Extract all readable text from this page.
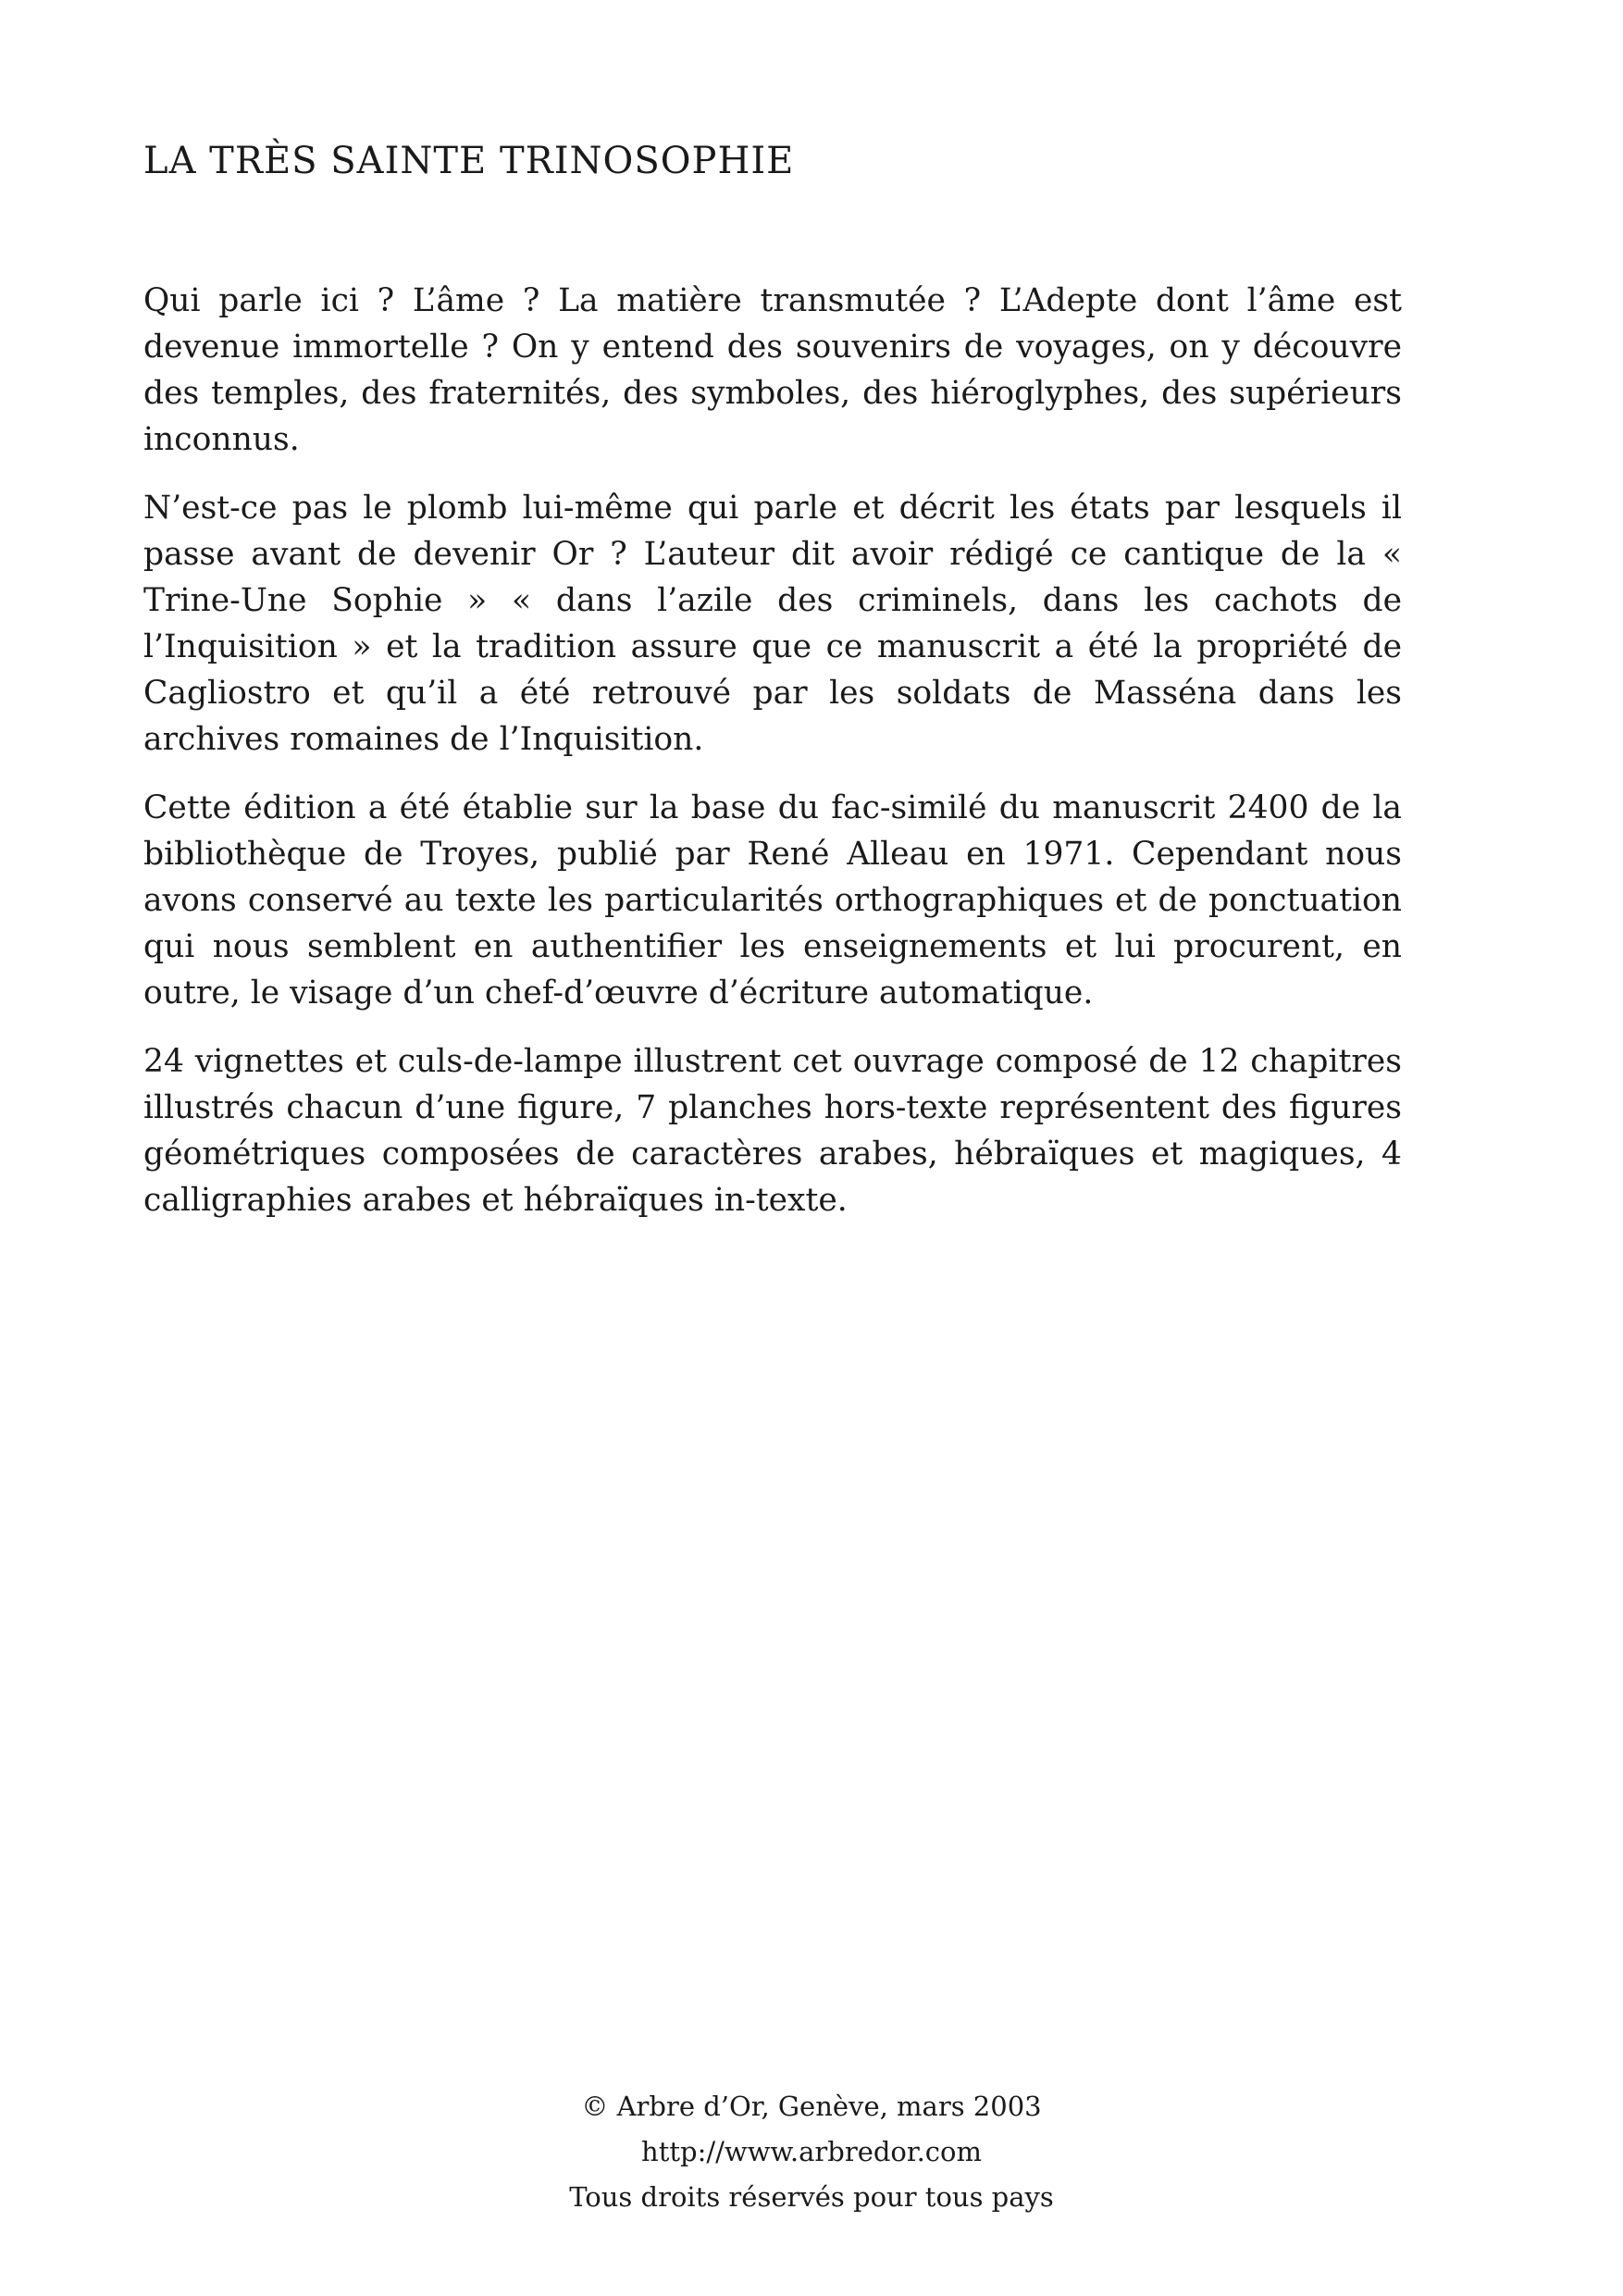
LA TRÈS SAINTE TRINOSOPHIE

Qui parle ici ? L’âme ? La matière transmutée ? L’Adepte dont l’âme est devenue immortelle ? On y entend des souvenirs de voyages, on y découvre des temples, des fraternités, des symboles, des hiéroglyphes, des supérieurs inconnus.

N’est-ce pas le plomb lui-même qui parle et décrit les états par lesquels il passe avant de devenir Or ? L’auteur dit avoir rédigé ce cantique de la « Trine-Une Sophie » « dans l’azile des criminels, dans les cachots de l’Inquisition » et la tradition assure que ce manuscrit a été la propriété de Cagliostro et qu’il a été retrouvé par les soldats de Masséna dans les archives romaines de l’Inquisition.

Cette édition a été établie sur la base du fac-similé du manuscrit 2400 de la bibliothèque de Troyes, publié par René Alleau en 1971. Cependant nous avons conservé au texte les particularités orthographiques et de ponctuation qui nous semblent en authentifier les enseignements et lui procurent, en outre, le visage d’un chef-d’œuvre d’écriture automatique.

24 vignettes et culs-de-lampe illustrent cet ouvrage composé de 12 chapitres illustrés chacun d’une figure, 7 planches hors-texte représentent des figures géométriques composées de caractères arabes, hébraïques et magiques, 4 calligraphies arabes et hébraïques in-texte.

© Arbre d’Or, Genève, mars 2003
http://www.arbredor.com
Tous droits réservés pour tous pays
